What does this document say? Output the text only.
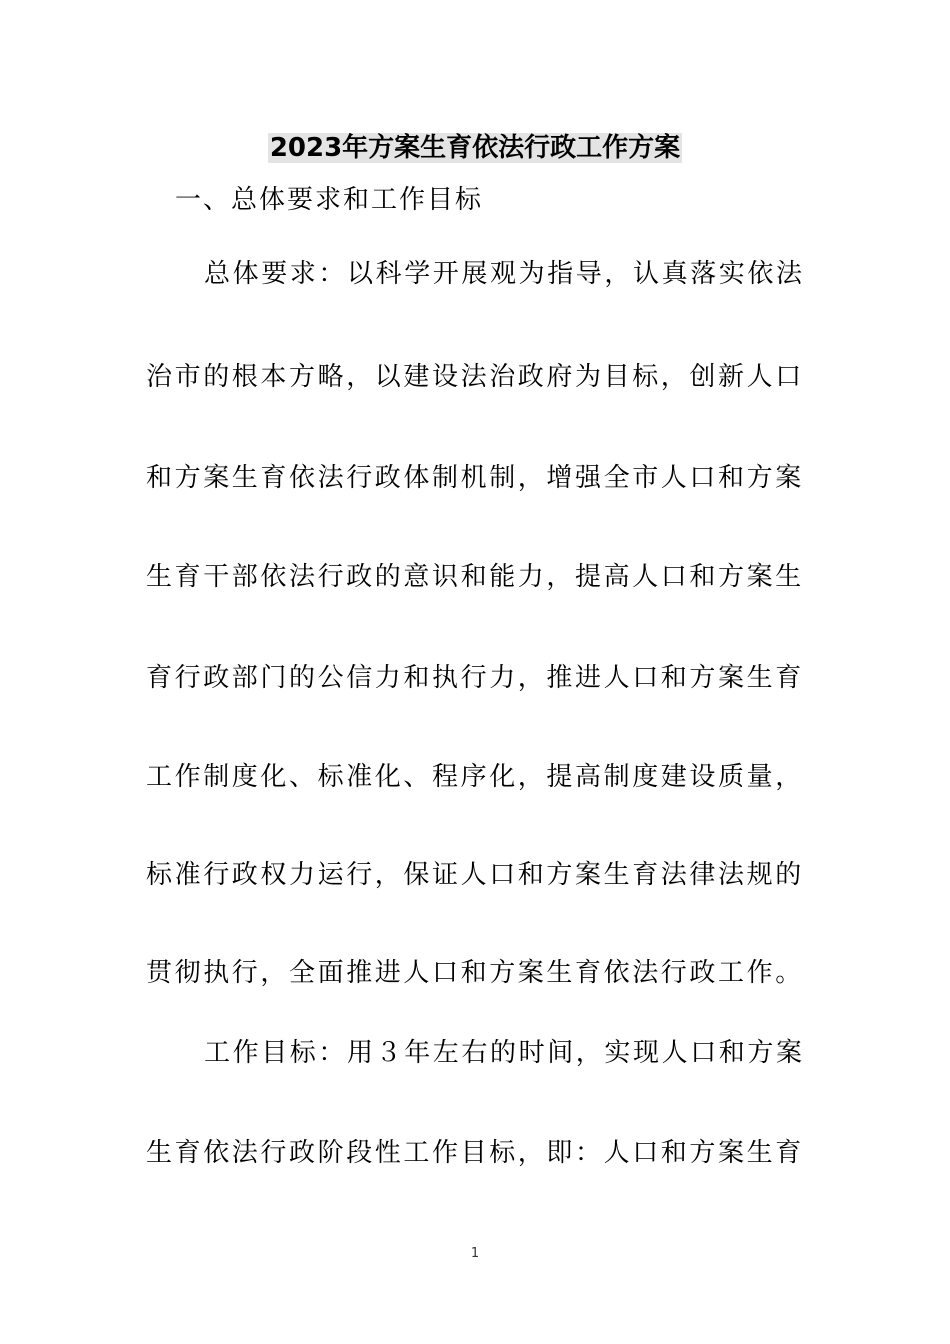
2023年方案生育依法行政工作方案
一、总体要求和工作目标
总体要求：以科学开展观为指导，认真落实依法
治市的根本方略，以建设法治政府为目标，创新人口
和方案生育依法行政体制机制，增强全市人口和方案
生育干部依法行政的意识和能力，提高人口和方案生
育行政部门的公信力和执行力，推进人口和方案生育
工作制度化、标准化、程序化，提高制度建设质量，
标准行政权力运行，保证人口和方案生育法律法规的
贯彻执行，全面推进人口和方案生育依法行政工作。
工作目标：用３年左右的时间，实现人口和方案
生育依法行政阶段性工作目标，即：人口和方案生育
1
